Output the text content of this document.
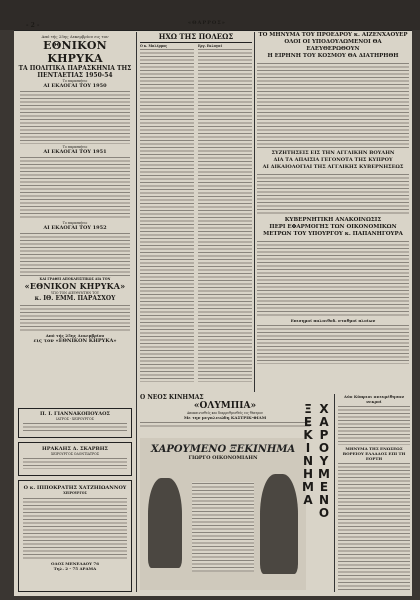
- 2 -	«ΘΑΡΡΟΣ»
Από τής 25ης Δεκεμβρίου εις τον
ΕΘΝΙΚΟΝ ΚΗΡΥΚΑ
ΤΑ ΠΟΛΙΤΙΚΑ ΠΑΡΑΣΚΗΝΙΑ ΤΗΣ ΠΕΝΤΑΕΤΙΑΣ 1950-54
Το παρασκήνιο
ΑΙ ΕΚΛΟΓΑΙ ΤΟΥ 1950
Το παρασκήνιο
ΑΙ ΕΚΛΟΓΑΙ ΤΟΥ 1951
Το παρασκήνιο
ΑΙ ΕΚΛΟΓΑΙ ΤΟΥ 1952
ΚΑΙ ΓΡΑΦΕΙ ΑΠΟΚΛΕΙΣΤΙΚΩΣ ΔΙΑ ΤΟΝ
«ΕΘΝΙΚΟΝ ΚΗΡΥΚΑ»
ΥΠΟ ΤΟΝ ΔΙΕΥΘΥΝΤΗΝ ΤΟΥ
κ. ΙΘ. ΕΜΜ. ΠΑΡΑΣΧΟΥ
Από τής 25ης Δεκεμβρίου
εις τον «ΕΘΝΙΚΟΝ ΚΗΡΥΚΑ»
Π. Ι. ΓΙΑΝΝΑΚΟΠΟΥΛΟΣ
ΙΑΤΡΟΣ - ΧΕΙΡΟΥΡΓΟΣ
ΗΡΑΚΛΗΣ Δ. ΣΚΑΡΒΗΣ
ΧΕΙΡΟΥΡΓΟΣ ΟΔΟΝΤΙΑΤΡΟΣ
Ο κ. ΙΠΠΟΚΡΑΤΗΣ ΧΑΤΖΗΙΩΑΝΝΟΥ
ΧΕΙΡΟΥΡΓΟΣ
ΟΔΟΣ ΜΕΝΕΛΑΟΥ 76
Τηλ. 2 - 75 ΔΡΑΜΑ
ΗΧΩ ΤΗΣ ΠΟΛΕΩΣ
Ο κ. Μαλέρμος	Εργ. Εκλογαί
ΤΟ ΜΗΝΥΜΑ ΤΟΥ ΠΡΟΕΔΡΟΥ κ. ΑΙΖΕΝΧΑΟΥΕΡ
ΟΛΟΙ ΟΙ ΥΠΟΔΟΥΛΩΜΕΝΟΙ ΘΑ ΕΛΕΥΘΕΡΩΘΟΥΝ
Η ΕΙΡΗΝΗ ΤΟΥ ΚΟΣΜΟΥ ΘΑ ΔΙΑΤΗΡΗΘΗ
ΣΥΖΗΤΗΣΕΙΣ ΕΙΣ ΤΗΝ ΑΓΓΛΙΚΗΝ ΒΟΥΛΗΝ
ΔΙΑ ΤΑ ΑΠΑΙΣΙΑ ΓΕΓΟΝΟΤΑ ΤΗΣ ΚΥΠΡΟΥ
ΑΙ ΔΙΚΑΙΟΛΟΓΙΑΙ ΤΗΣ ΑΓΓΛΙΚΗΣ ΚΥΒΕΡΝΗΣΕΩΣ
ΚΥΒΕΡΝΗΤΙΚΗ ΑΝΑΚΟΙΝΩΣΙΣ
ΠΕΡΙ ΕΦΑΡΜΟΓΗΣ ΤΩΝ ΟΙΚΟΝΟΜΙΚΩΝ
ΜΕΤΡΩΝ ΤΟΥ ΥΠΟΥΡΓΟΥ κ. ΠΑΠΑΝΗΓΟΥΡΑ
Επισημοί παλαιθοδ. σταθμοί πλοίων
Ο ΝΕΟΣ ΚΙΝΗΜΑΣ
«ΟΛΥΜΠΙΑ»
Αποκαινισθείς και διαρρυθμισθείς εις θέατρον
Με την μεγαλειώδη ΚΑΣΤΡΙΚ-ΦΙΛΜ
ΧΑΡΟΥΜΕΝΟ ΞΕΚΙΝΗΜΑ
ΓΙΩΡΓΟ ΟΙΚΟΝΟΜΙΔΗΝ	ΧΑΡΟΥΜΕΝΟ ΞΕΚΙΝΗΜΑ
Δύο Κύπριοι ανευρέθησαν νεκροί
ΜΗΝΥΜΑ ΤΗΣ ΕΝΩΣΕΩΣ ΒΟΡΕΙΟΥ ΕΛΛΑΔΟΣ ΕΠΙ ΤΗ ΕΟΡΤΗ
